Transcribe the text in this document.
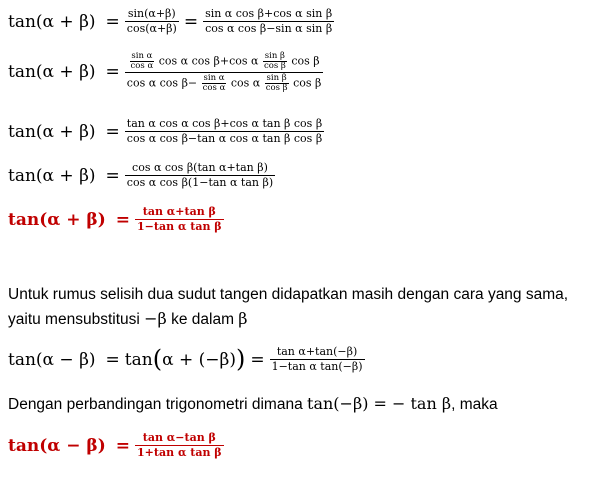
$\tan(\alpha + \beta) = \frac{\sin(\alpha+\beta)}{\cos(\alpha+\beta)} = \frac{\text{sin α cos β+cos α sin β}}{\text{cos α cos β−sin α sin β}}$
tan(α + β) =
$\frac{\text{sin α}}{\text{cos α}}$ cos α cos β+cos α $\frac{\text{sin β}}{\text{cos β}}$ cos β
cos α $\cos \beta- \frac{\text{sin α}}{\text{cos α}}$ cos α $\frac{\text{sin β}}{\text{cos β}}$ cos β
$\tan(\alpha + \beta) = \frac{\text{tan α cos α cos β+cos α tan β cos β}}{\text{cos α cos β−tan α cos α tan β cos β}}$
$\tan(\alpha + \beta) = \frac{\text{cos α cos β(tan α+tan β)}}{\text{cos α cos β(1−tan α tan β)}}$
$\tan(\alpha + \beta) = \frac{\text{tan α+tan β}}{\text{1−tan α tan β}}$
Untuk rumus selisih dua sudut tangen didapatkan masih dengan cara yang sama,
yaitu mensubstitusi −β ke dalam β
tan(α − β) = tan ( α + (−β) ) = $\frac{\text{tan α+tan(−β)}}{\text{1−tan α tan(−β)}}$
Dengan perbandingan trigonometri dimana tan(−β) = − tan β, maka
$\tan(\alpha - \beta) = \frac{\text{tan α−tan β}}{\text{1+tan α tan β}}$
